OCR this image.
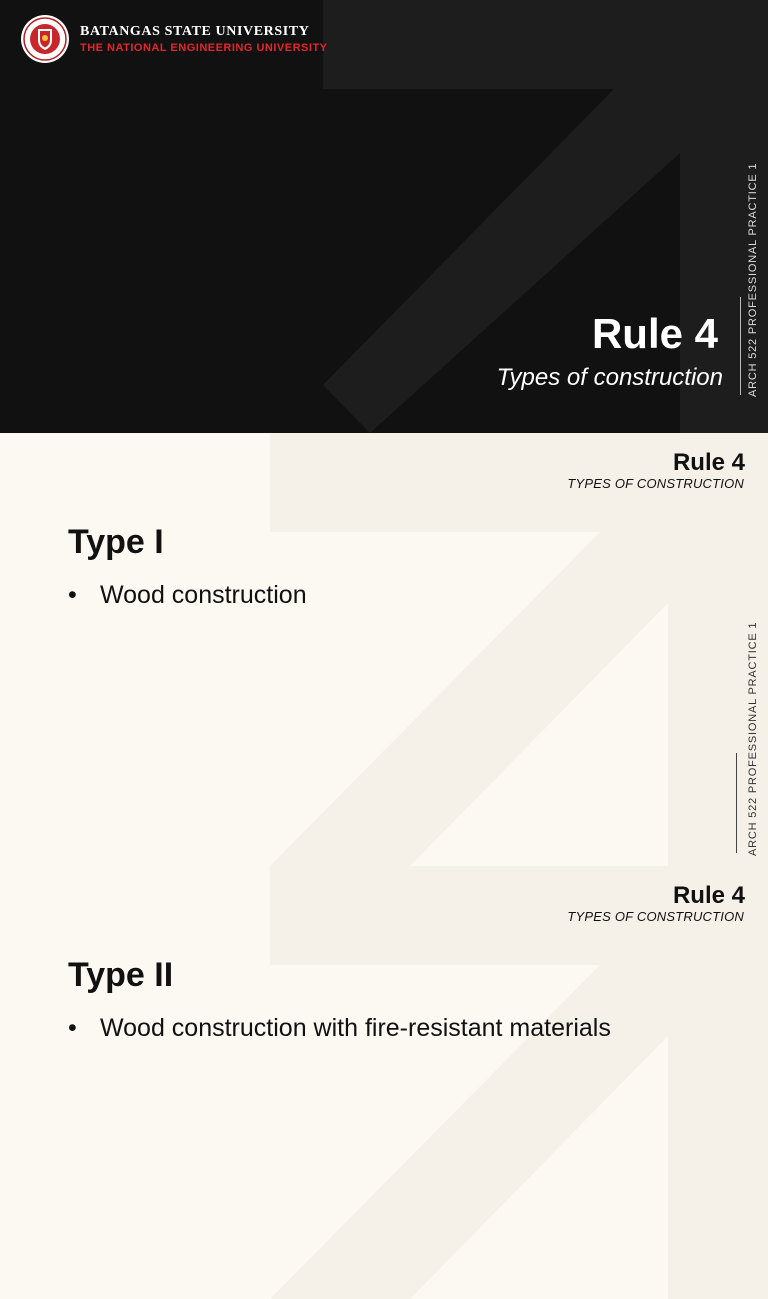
BATANGAS STATE UNIVERSITY
THE NATIONAL ENGINEERING UNIVERSITY
Rule 4
Types of construction ARCH 522 PROFESSIONAL PRACTICE 1
Rule 4
TYPES OF CONSTRUCTION
Type I
• Wood construction
ARCH 522 PROFESSIONAL PRACTICE 1
Rule 4
TYPES OF CONSTRUCTION
Type II
• Wood construction with fire-resistant materials
